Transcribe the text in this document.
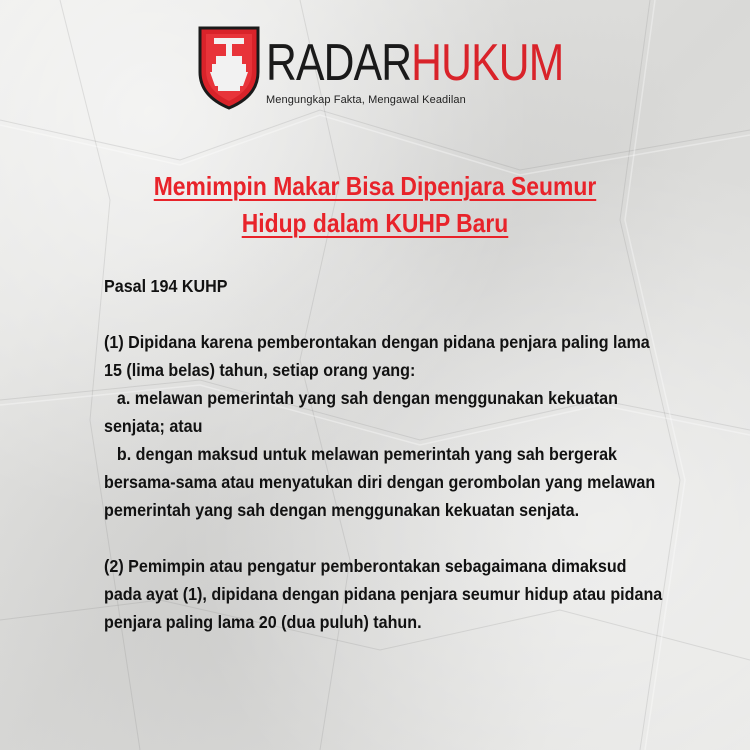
RADARHUKUM
Mengungkap Fakta, Mengawal Keadilan
Memimpin Makar Bisa Dipenjara Seumur Hidup dalam KUHP Baru

Pasal 194 KUHP

(1) Dipidana karena pemberontakan dengan pidana penjara paling lama 15 (lima belas) tahun, setiap orang yang:

a. melawan pemerintah yang sah dengan menggunakan kekuatan senjata; atau

b. dengan maksud untuk melawan pemerintah yang sah bergerak bersama-sama atau menyatukan diri dengan gerombolan yang melawan pemerintah yang sah dengan menggunakan kekuatan senjata.

(2) Pemimpin atau pengatur pemberontakan sebagaimana dimaksud pada ayat (1), dipidana dengan pidana penjara seumur hidup atau pidana penjara paling lama 20 (dua puluh) tahun.
